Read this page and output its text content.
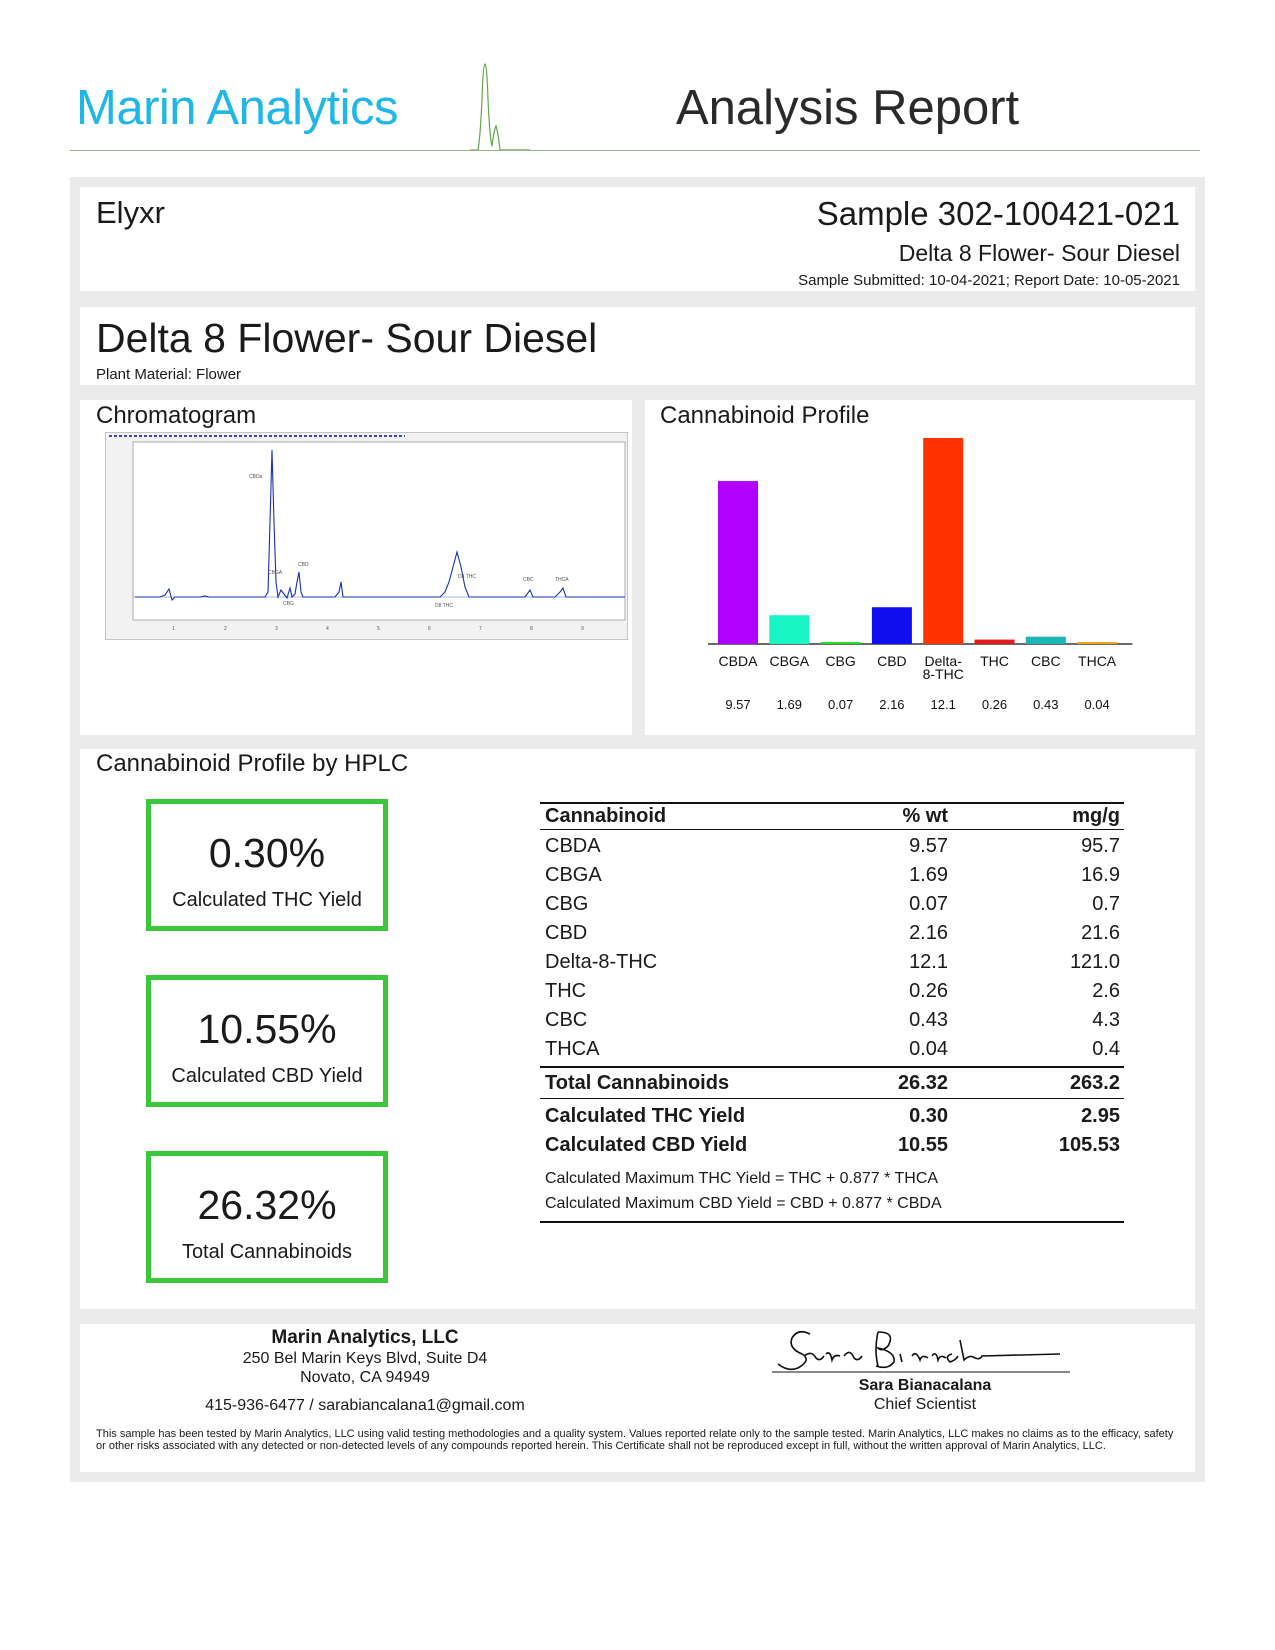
Marin Analytics	Analysis Report
Elyxr	Sample 302-100421-021
Delta 8 Flower- Sour Diesel
Sample Submitted: 10-04-2021; Report Date: 10-05-2021
Delta 8 Flower- Sour Diesel
Plant Material: Flower
Chromatogram
CBDa
CBGA
CBD
CBG
D8 THC
D8 THC
CBC	THCA
1	2	3	4	5	6	7	8	9
Cannabinoid Profile
CBDA
9.57
CBGA
1.69
CBG
0.07
CBD
2.16
Delta-
8-THC
12.1
THC
0.26
CBC
0.43
THCA
0.04
Cannabinoid Profile by HPLC
0.30%
Calculated THC Yield
10.55%
Calculated CBD Yield
26.32%
Total Cannabinoids
Cannabinoid	% wt	mg/g
CBDA	9.57	95.7
CBGA	1.69	16.9
CBG	0.07	0.7
CBD	2.16	21.6
Delta-8-THC	12.1	121.0
THC	0.26	2.6
CBC	0.43	4.3
THCA	0.04	0.4
Total Cannabinoids	26.32	263.2
Calculated THC Yield	0.30	2.95
Calculated CBD Yield	10.55	105.53
Calculated Maximum THC Yield = THC + 0.877 * THCA
Calculated Maximum CBD Yield = CBD + 0.877 * CBDA
Marin Analytics, LLC
250 Bel Marin Keys Blvd, Suite D4
Novato, CA 94949
415-936-6477 / sarabiancalana1@gmail.com
Sara Bianacalana
Chief Scientist
This sample has been tested by Marin Analytics, LLC using valid testing methodologies and a quality system. Values reported relate only to the sample tested. Marin Analytics, LLC makes no claims as to the efficacy, safety or other risks associated with any detected or non-detected levels of any compounds reported herein. This Certificate shall not be reproduced except in full, without the written approval of Marin Analytics, LLC.
